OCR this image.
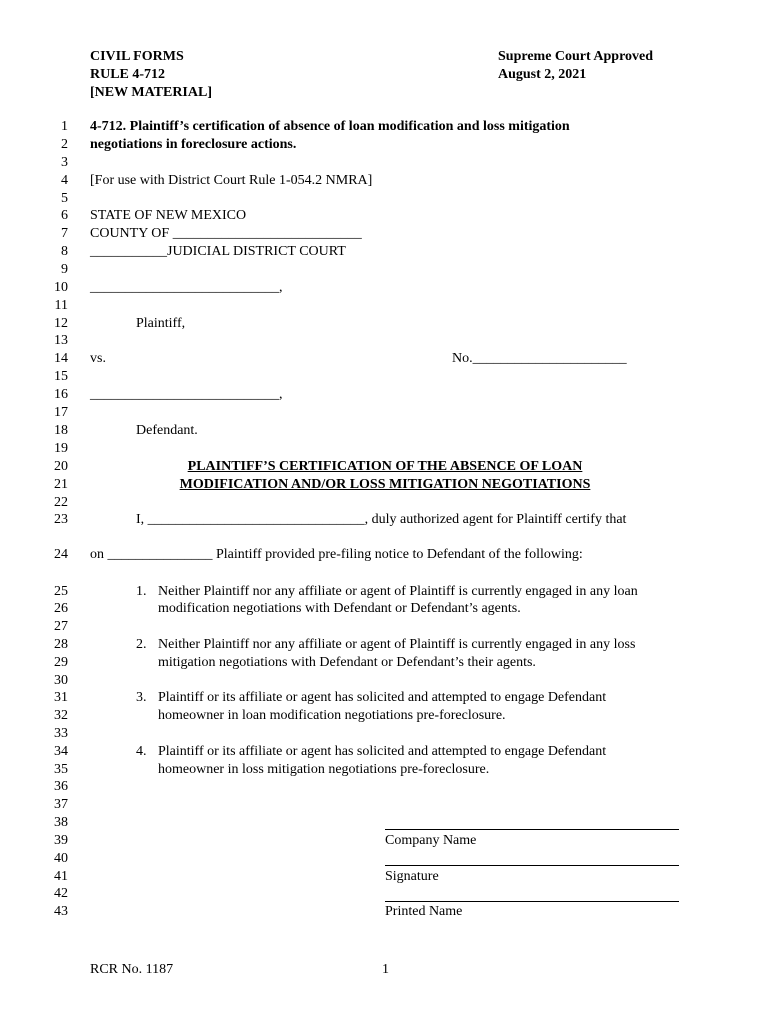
CIVIL FORMS
RULE 4-712
[NEW MATERIAL]
Supreme Court Approved
August 2, 2021
1
2
3
4
5
6
7
8
9
10
11
12
13
14
15
16
17
18
19
20
21
22
23
24
25
26
27
28
29
30
31
32
33
34
35
36
37
38
39
40
41
42
43
4-712. Plaintiff’s certification of absence of loan modification and loss mitigation
negotiations in foreclosure actions.
[For use with District Court Rule 1-054.2 NMRA]
STATE OF NEW MEXICO
COUNTY OF ___________________________
___________JUDICIAL DISTRICT COURT
___________________________,
Plaintiff,
vs.	No.______________________
___________________________,
Defendant.
PLAINTIFF’S CERTIFICATION OF THE ABSENCE OF LOAN
MODIFICATION AND/OR LOSS MITIGATION NEGOTIATIONS
I, _______________________________, duly authorized agent for Plaintiff certify that
on _______________ Plaintiff provided pre-filing notice to Defendant of the following:
1. Neither Plaintiff nor any affiliate or agent of Plaintiff is currently engaged in any loan
modification negotiations with Defendant or Defendant’s agents.
2. Neither Plaintiff nor any affiliate or agent of Plaintiff is currently engaged in any loss
mitigation negotiations with Defendant or Defendant’s their agents.
3. Plaintiff or its affiliate or agent has solicited and attempted to engage Defendant
homeowner in loan modification negotiations pre-foreclosure.
4. Plaintiff or its affiliate or agent has solicited and attempted to engage Defendant
homeowner in loss mitigation negotiations pre-foreclosure.
Company Name
Signature
Printed Name
RCR No. 1187	1
